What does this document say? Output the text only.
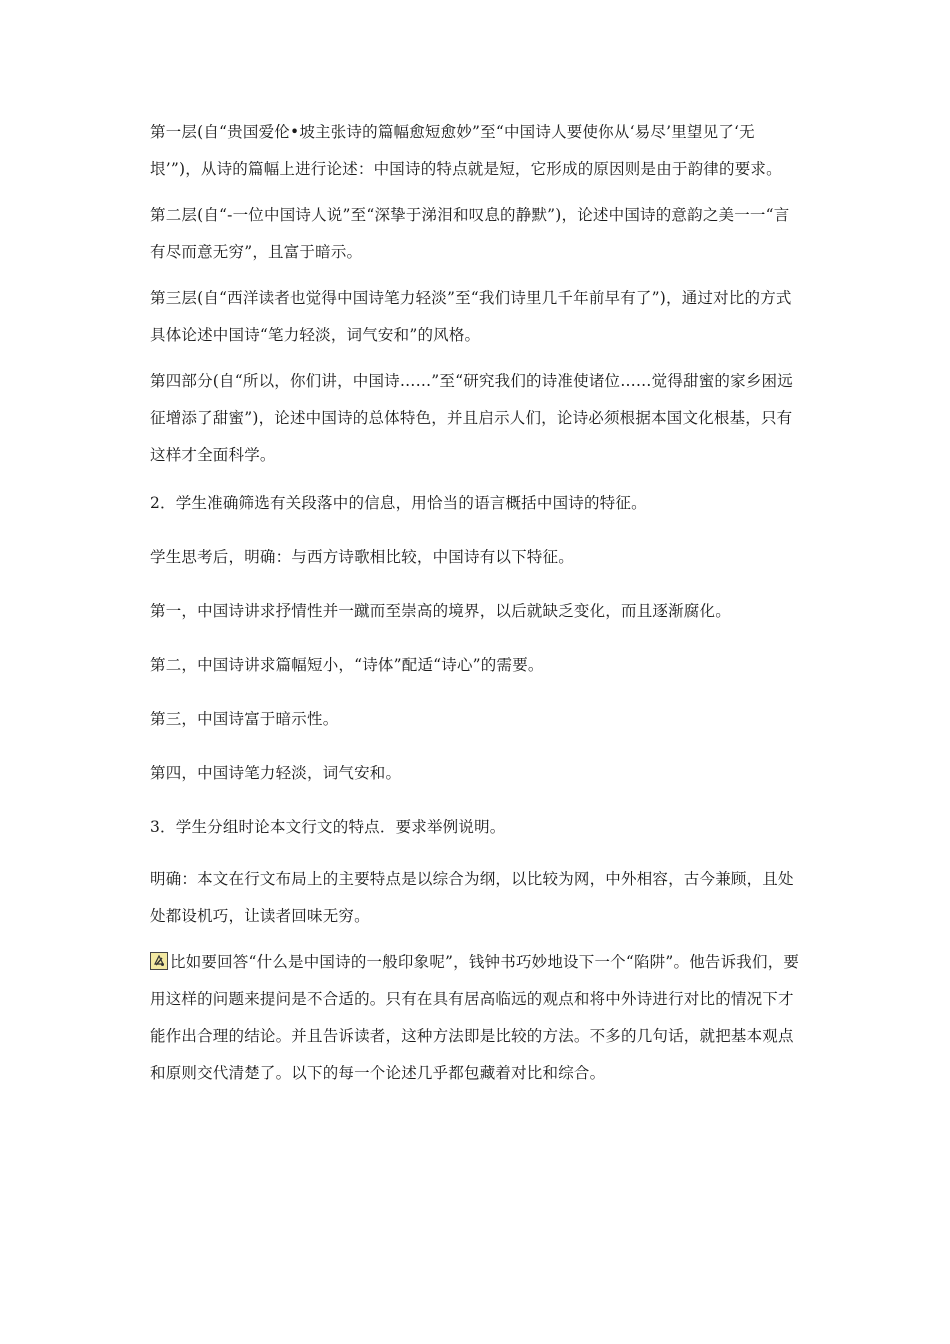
第一层(自“贵国爱伦•坡主张诗的篇幅愈短愈妙”至“中国诗人要使你从‘易尽’里望见了‘无垠’”)，从诗的篇幅上进行论述：中国诗的特点就是短，它形成的原因则是由于韵律的要求。

第二层(自“-一位中国诗人说”至“深挚于涕泪和叹息的静默”)，论述中国诗的意韵之美一一“言有尽而意无穷”，且富于暗示。

第三层(自“西洋读者也觉得中国诗笔力轻淡”至“我们诗里几千年前早有了”)，通过对比的方式具体论述中国诗“笔力轻淡，词气安和”的风格。

第四部分(自“所以，你们讲，中国诗……”至“研究我们的诗准使诸位……觉得甜蜜的家乡困远征增添了甜蜜”)，论述中国诗的总体特色，并且启示人们，论诗必须根据本国文化根基，只有这样才全面科学。

2．学生准确筛选有关段落中的信息，用恰当的语言概括中国诗的特征。

学生思考后，明确：与西方诗歌相比较，中国诗有以下特征。

第一，中国诗讲求抒情性并一蹴而至崇高的境界，以后就缺乏变化，而且逐渐腐化。

第二，中国诗讲求篇幅短小，“诗体”配适“诗心”的需要。

第三，中国诗富于暗示性。

第四，中国诗笔力轻淡，词气安和。

3．学生分组时论本文行文的特点．要求举例说明。

明确：本文在行文布局上的主要特点是以综合为纲，以比较为网，中外相容，古今兼顾，且处处都设机巧，让读者回味无穷。

比如要回答“什么是中国诗的一般印象呢”，钱钟书巧妙地设下一个“陷阱”。他告诉我们，要用这样的问题来提问是不合适的。只有在具有居高临远的观点和将中外诗进行对比的情况下才能作出合理的结论。并且告诉读者，这种方法即是比较的方法。不多的几句话，就把基本观点和原则交代清楚了。以下的每一个论述几乎都包藏着对比和综合。
